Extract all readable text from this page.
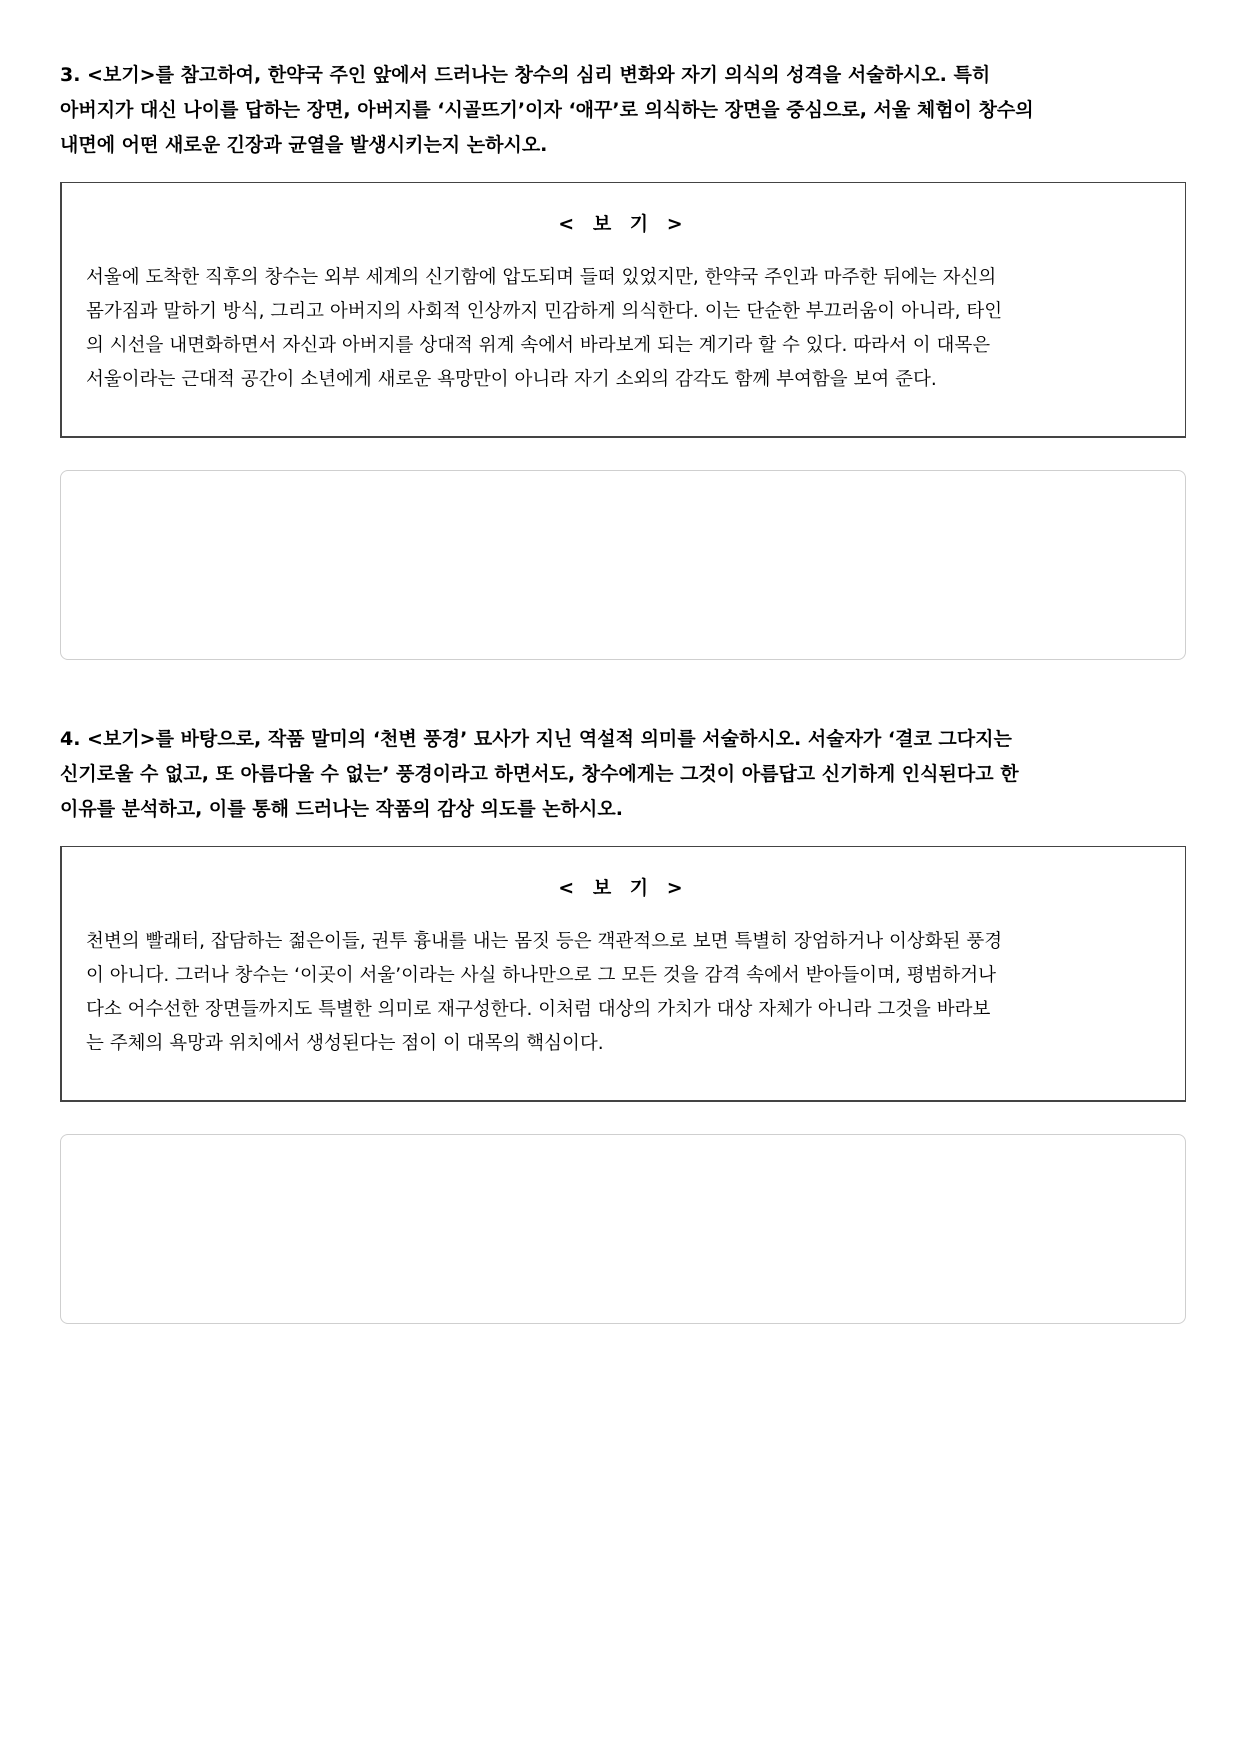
3. <보기>를 참고하여, 한약국 주인 앞에서 드러나는 창수의 심리 변화와 자기 의식의 성격을 서술하시오. 특히
아버지가 대신 나이를 답하는 장면, 아버지를 ‘시골뜨기’이자 ‘애꾸’로 의식하는 장면을 중심으로, 서울 체험이 창수의
내면에 어떤 새로운 긴장과 균열을 발생시키는지 논하시오.
< 보 기 >
서울에 도착한 직후의 창수는 외부 세계의 신기함에 압도되며 들떠 있었지만, 한약국 주인과 마주한 뒤에는 자신의
몸가짐과 말하기 방식, 그리고 아버지의 사회적 인상까지 민감하게 의식한다. 이는 단순한 부끄러움이 아니라, 타인
의 시선을 내면화하면서 자신과 아버지를 상대적 위계 속에서 바라보게 되는 계기라 할 수 있다. 따라서 이 대목은
서울이라는 근대적 공간이 소년에게 새로운 욕망만이 아니라 자기 소외의 감각도 함께 부여함을 보여 준다.
4. <보기>를 바탕으로, 작품 말미의 ‘천변 풍경’ 묘사가 지닌 역설적 의미를 서술하시오. 서술자가 ‘결코 그다지는
신기로울 수 없고, 또 아름다울 수 없는’ 풍경이라고 하면서도, 창수에게는 그것이 아름답고 신기하게 인식된다고 한
이유를 분석하고, 이를 통해 드러나는 작품의 감상 의도를 논하시오.
< 보 기 >
천변의 빨래터, 잡담하는 젊은이들, 권투 흉내를 내는 몸짓 등은 객관적으로 보면 특별히 장엄하거나 이상화된 풍경
이 아니다. 그러나 창수는 ‘이곳이 서울’이라는 사실 하나만으로 그 모든 것을 감격 속에서 받아들이며, 평범하거나
다소 어수선한 장면들까지도 특별한 의미로 재구성한다. 이처럼 대상의 가치가 대상 자체가 아니라 그것을 바라보
는 주체의 욕망과 위치에서 생성된다는 점이 이 대목의 핵심이다.
